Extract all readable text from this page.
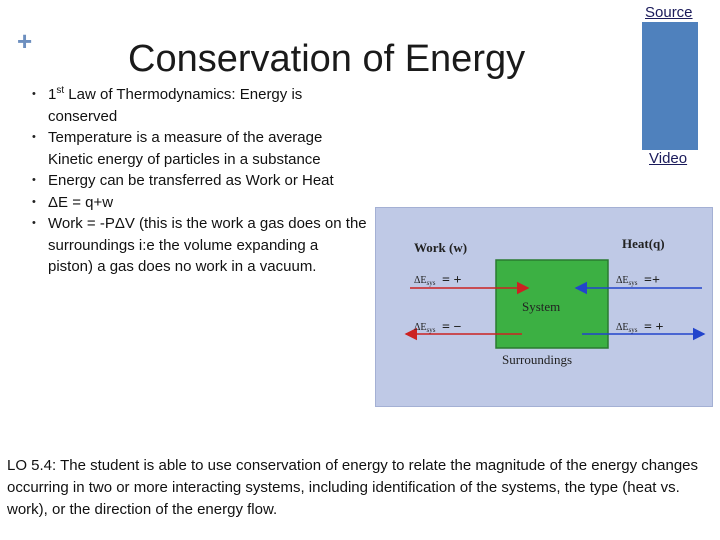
+	Conservation of Energy
Source
Video
• 1st Law of Thermodynamics: Energy is conserved
• Temperature is a measure of the average Kinetic energy of particles in a substance
• Energy can be transferred as Work or Heat
• ΔE = q+w
• Work = -PΔV (this is the work a gas does on the surroundings i:e the volume expanding a piston) a gas does no work in a vacuum.
Work (w)	Heat(q)
System
Surroundings
$\Delta E_{sys}$ = +	$\Delta E_{sys}$ =+
$\Delta E_{sys}$ = −	$\Delta E_{sys}$ = +
LO 5.4: The student is able to use conservation of energy to relate the magnitude of the energy changes occurring in two or more interacting systems, including identification of the systems, the type (heat vs. work), or the direction of the energy flow.
